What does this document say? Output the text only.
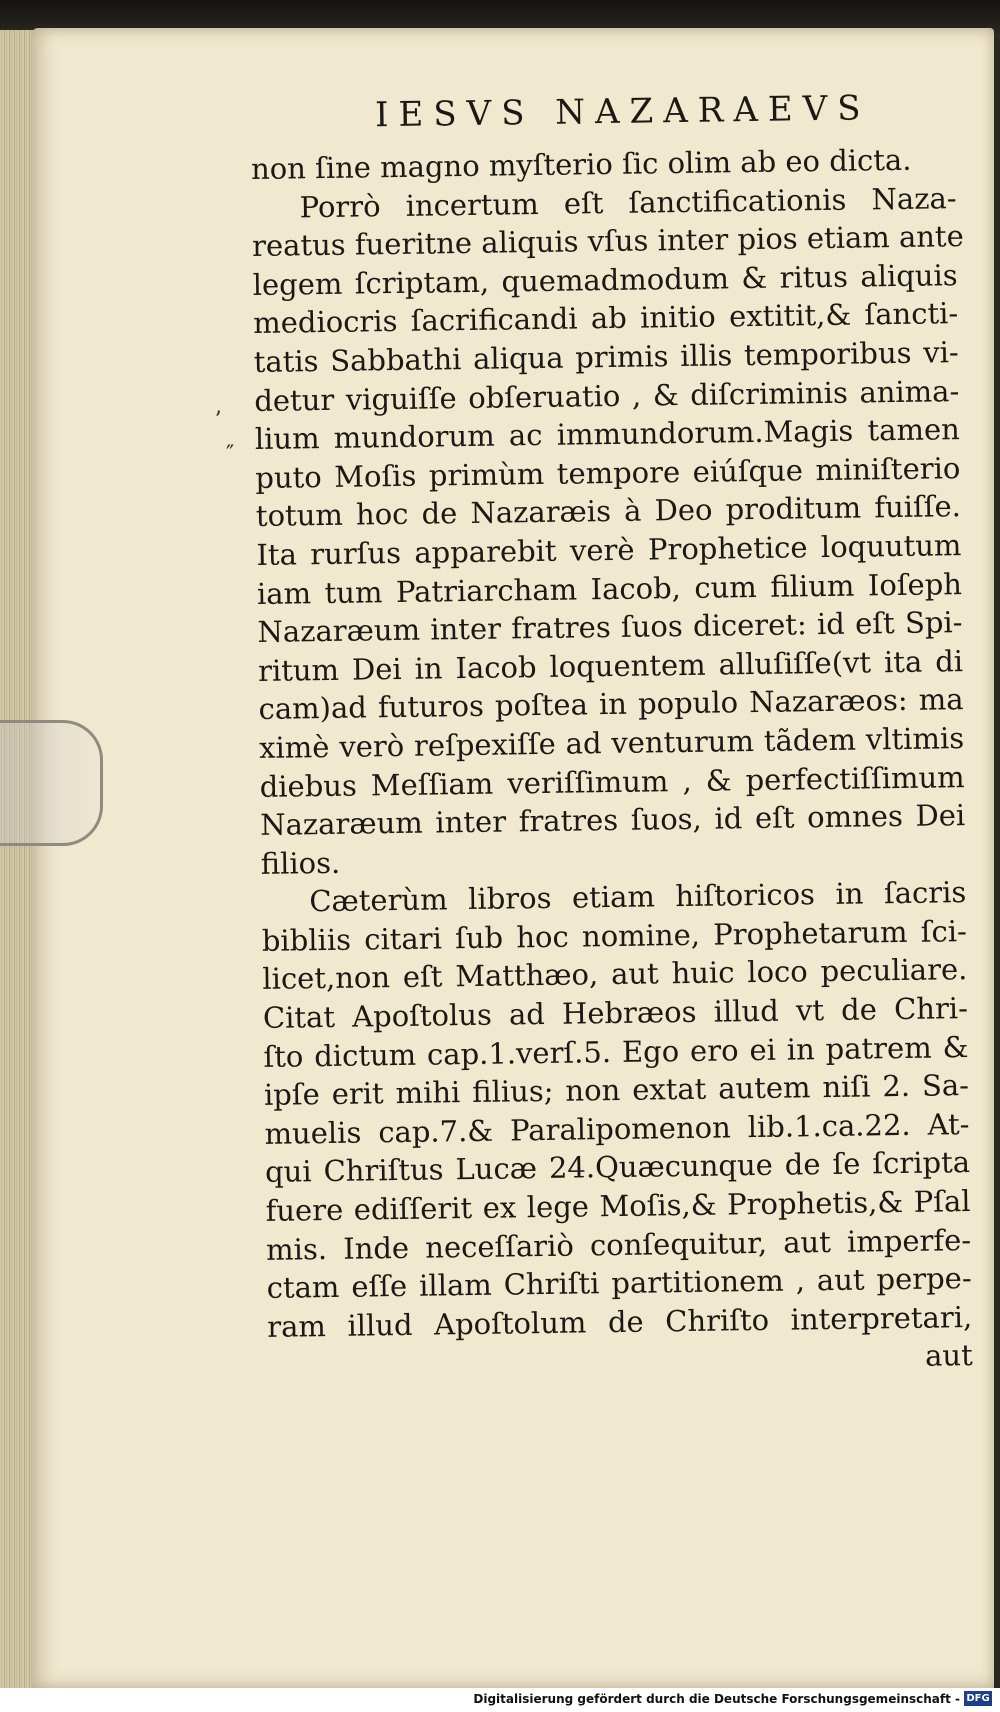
ʼ
″
IESVS NAZARAEVS
non ſine magno myſterio ſic olim ab eo dicta.
Porrò incertum eſt ſanctificationis Naza-
reatus fueritne aliquis vſus inter pios etiam ante
legem ſcriptam, quemadmodum & ritus aliquis
mediocris ſacrificandi ab initio extitit,& ſancti-
tatis Sabbathi aliqua primis illis temporibus vi-
detur viguiſſe obſeruatio , & diſcriminis anima-
lium mundorum ac immundorum.Magis tamen
puto Moſis primùm tempore eiúſque miniſterio
totum hoc de Nazaræis à Deo proditum fuiſſe.
Ita rurſus apparebit verè Prophetice loquutum
iam tum Patriarcham Iacob, cum filium Ioſeph
Nazaræum inter fratres ſuos diceret: id eſt Spi-
ritum Dei in Iacob loquentem alluſiſſe(vt ita di
cam)ad futuros poſtea in populo Nazaræos: ma
ximè verò reſpexiſſe ad venturum tãdem vltimis
diebus Meſſiam veriſſimum , & perfectiſſimum
Nazaræum inter fratres ſuos, id eſt omnes Dei
filios.
Cæterùm libros etiam hiſtoricos in ſacris
bibliis citari ſub hoc nomine, Prophetarum ſci-
licet,non eſt Matthæo, aut huic loco peculiare.
Citat Apoſtolus ad Hebræos illud vt de Chri-
ſto dictum cap.1.verſ.5. Ego ero ei in patrem &
ipſe erit mihi filius; non extat autem niſi 2. Sa-
muelis cap.7.& Paralipomenon lib.1.ca.22. At-
qui Chriſtus Lucæ 24.Quæcunque de ſe ſcripta
fuere ediſſerit ex lege Moſis,& Prophetis,& Pſal
mis. Inde neceſſariò conſequitur, aut imperfe-
ctam eſſe illam Chriſti partitionem , aut perpe-
ram illud Apoſtolum de Chriſto interpretari,
aut
Digitalisierung gefördert durch die Deutsche Forschungsgemeinschaft - DFG
